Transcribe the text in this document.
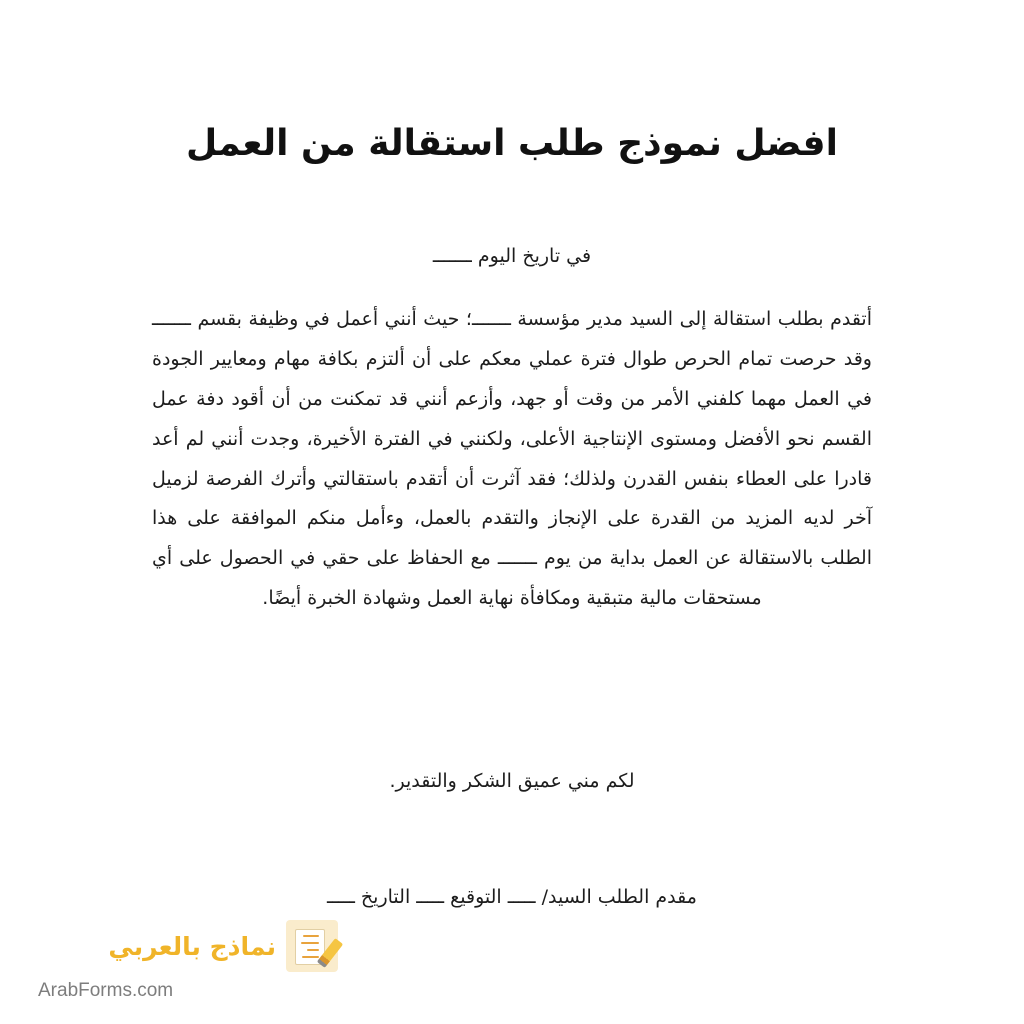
افضل نموذج طلب استقالة من العمل
في تاريخ اليوم ـــــــ

أتقدم بطلب استقالة إلى السيد مدير مؤسسة ـــــــ؛ حيث أنني أعمل في وظيفة بقسم ـــــــ وقد حرصت تمام الحرص طوال فترة عملي معكم على أن ألتزم بكافة مهام ومعايير الجودة في العمل مهما كلفني الأمر من وقت أو جهد، وأزعم أنني قد تمكنت من أن أقود دفة عمل القسم نحو الأفضل ومستوى الإنتاجية الأعلى، ولكنني في الفترة الأخيرة، وجدت أنني لم أعد قادرا على العطاء بنفس القدرن ولذلك؛ فقد آثرت أن أتقدم باستقالتي وأترك الفرصة لزميل آخر لديه المزيد من القدرة على الإنجاز والتقدم بالعمل، وءأمل منكم الموافقة على هذا الطلب بالاستقالة عن العمل بداية من يوم ـــــــ مع الحفاظ على حقي في الحصول على أي مستحقات مالية متبقية ومكافأة نهاية العمل وشهادة الخبرة أيضًا.

لكم مني عميق الشكر والتقدير.
مقدم الطلب السيد/ ـــــ التوقيع ـــــ التاريخ ـــــ
نماذج بالعربي
ArabForms.com
